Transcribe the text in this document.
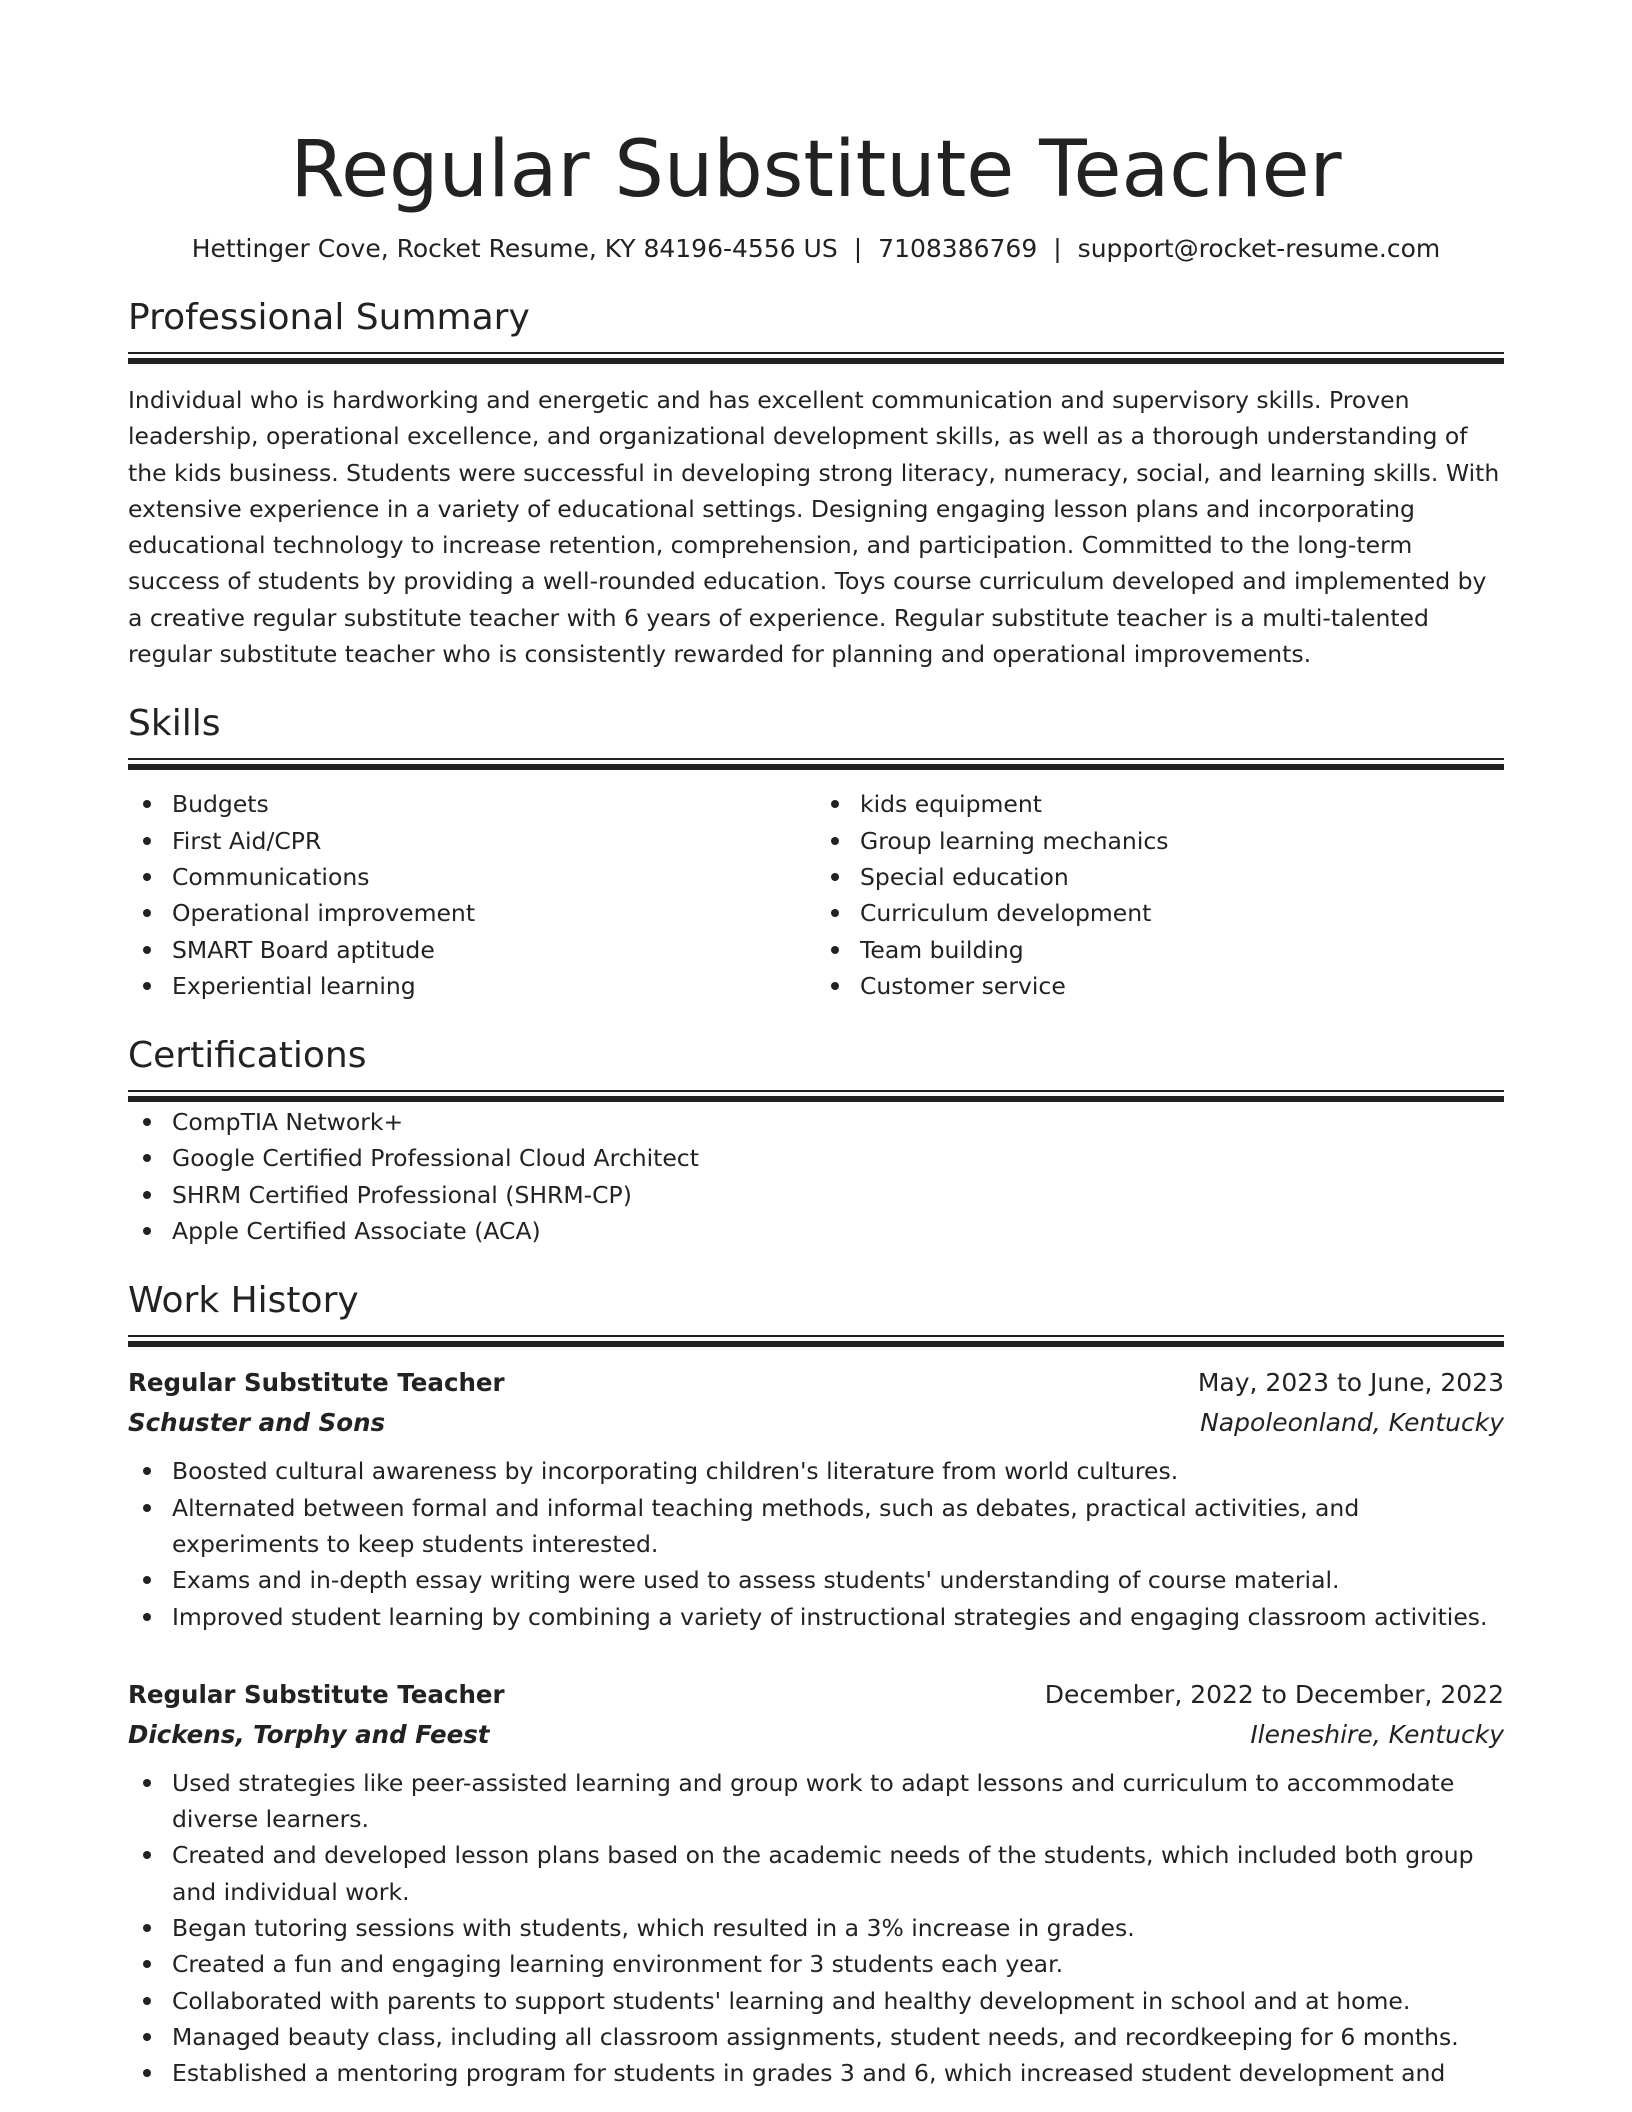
Regular Substitute Teacher
Hettinger Cove, Rocket Resume, KY 84196-4556 US | 7108386769 | support@rocket-resume.com
Professional Summary

Individual who is hardworking and energetic and has excellent communication and supervisory skills. Proven leadership, operational excellence, and organizational development skills, as well as a thorough understanding of the kids business. Students were successful in developing strong literacy, numeracy, social, and learning skills. With extensive experience in a variety of educational settings. Designing engaging lesson plans and incorporating educational technology to increase retention, comprehension, and participation. Committed to the long-term success of students by providing a well-rounded education. Toys course curriculum developed and implemented by a creative regular substitute teacher with 6 years of experience. Regular substitute teacher is a multi-talented regular substitute teacher who is consistently rewarded for planning and operational improvements.

Skills
Budgets
First Aid/CPR
Communications
Operational improvement
SMART Board aptitude
Experiential learning
kids equipment
Group learning mechanics
Special education
Curriculum development
Team building
Customer service
Certifications
CompTIA Network+
Google Certified Professional Cloud Architect
SHRM Certified Professional (SHRM-CP)
Apple Certified Associate (ACA)
Work History
Regular Substitute Teacher	May, 2023 to June, 2023
Schuster and Sons	Napoleonland, Kentucky
Boosted cultural awareness by incorporating children's literature from world cultures.
Alternated between formal and informal teaching methods, such as debates, practical activities, and experiments to keep students interested.
Exams and in-depth essay writing were used to assess students' understanding of course material.
Improved student learning by combining a variety of instructional strategies and engaging classroom activities.
Regular Substitute Teacher	December, 2022 to December, 2022
Dickens, Torphy and Feest	Ileneshire, Kentucky
Used strategies like peer-assisted learning and group work to adapt lessons and curriculum to accommodate diverse learners.
Created and developed lesson plans based on the academic needs of the students, which included both group and individual work.
Began tutoring sessions with students, which resulted in a 3% increase in grades.
Created a fun and engaging learning environment for 3 students each year.
Collaborated with parents to support students' learning and healthy development in school and at home.
Managed beauty class, including all classroom assignments, student needs, and recordkeeping for 6 months.
Established a mentoring program for students in grades 3 and 6, which increased student development and
